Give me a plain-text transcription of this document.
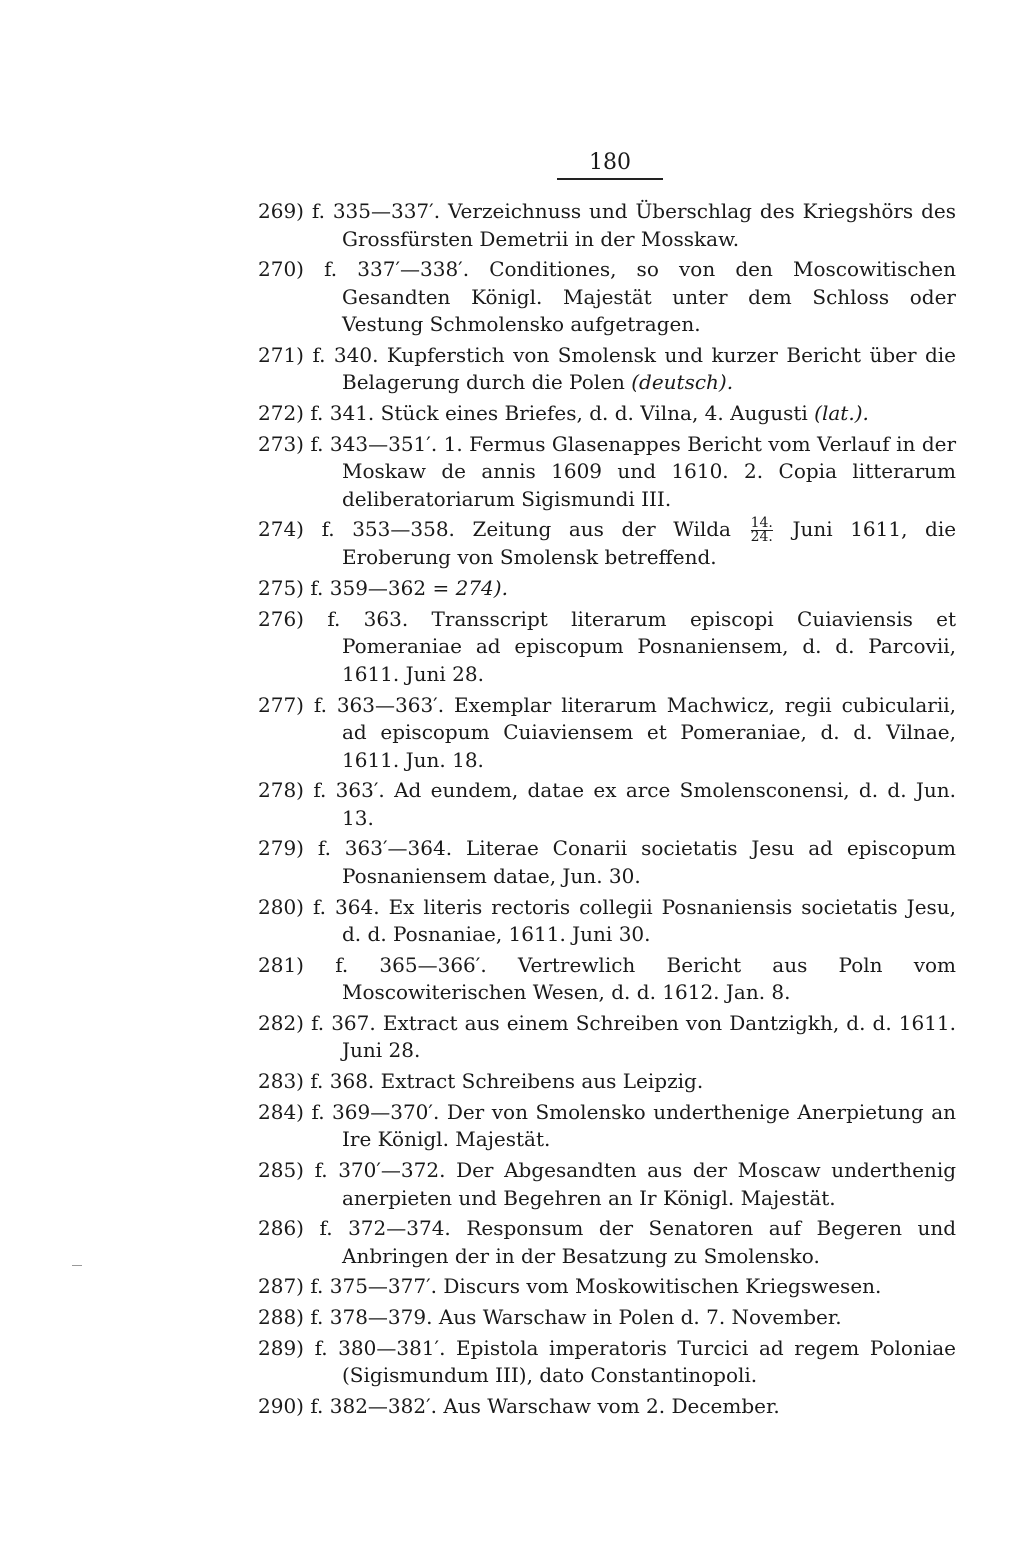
180

269) f. 335—337′. Verzeichnuss und Überschlag des Kriegshörs des Grossfürsten Demetrii in der Mosskaw.

270) f. 337′—338′. Conditiones, so von den Moscowitischen Gesandten Königl. Majestät unter dem Schloss oder Vestung Schmolensko aufgetragen.

271) f. 340. Kupferstich von Smolensk und kurzer Bericht über die Belagerung durch die Polen (deutsch).

272) f. 341. Stück eines Briefes, d. d. Vilna, 4. Augusti (lat.).

273) f. 343—351′. 1. Fermus Glasenappes Bericht vom Verlauf in der Moskaw de annis 1609 und 1610. 2. Copia litterarum deliberatoriarum Sigismundi III.

274) f. 353—358. Zeitung aus der Wilda $\frac{14.}{24.}$ Juni 1611, die Eroberung von Smolensk betreffend.

275) f. 359—362 = 274).

276) f. 363. Transscript literarum episcopi Cuiaviensis et Pomeraniae ad episcopum Posnaniensem, d. d. Parcovii, 1611. Juni 28.

277) f. 363—363′. Exemplar literarum Machwicz, regii cubicularii, ad episcopum Cuiaviensem et Pomeraniae, d. d. Vilnae, 1611. Jun. 18.

278) f. 363′. Ad eundem, datae ex arce Smolensconensi, d. d. Jun. 13.

279) f. 363′—364. Literae Conarii societatis Jesu ad episcopum Posnaniensem datae, Jun. 30.

280) f. 364. Ex literis rectoris collegii Posnaniensis societatis Jesu, d. d. Posnaniae, 1611. Juni 30.

281) f. 365—366′. Vertrewlich Bericht aus Poln vom Moscowiterischen Wesen, d. d. 1612. Jan. 8.

282) f. 367. Extract aus einem Schreiben von Dantzigkh, d. d. 1611. Juni 28.

283) f. 368. Extract Schreibens aus Leipzig.

284) f. 369—370′. Der von Smolensko underthenige Anerpietung an Ire Königl. Majestät.

285) f. 370′—372. Der Abgesandten aus der Moscaw underthenig anerpieten und Begehren an Ir Königl. Majestät.

286) f. 372—374. Responsum der Senatoren auf Begeren und Anbringen der in der Besatzung zu Smolensko.

287) f. 375—377′. Discurs vom Moskowitischen Kriegswesen.

288) f. 378—379. Aus Warschaw in Polen d. 7. November.

289) f. 380—381′. Epistola imperatoris Turcici ad regem Poloniae (Sigismundum III), dato Constantinopoli.

290) f. 382—382′. Aus Warschaw vom 2. December.
